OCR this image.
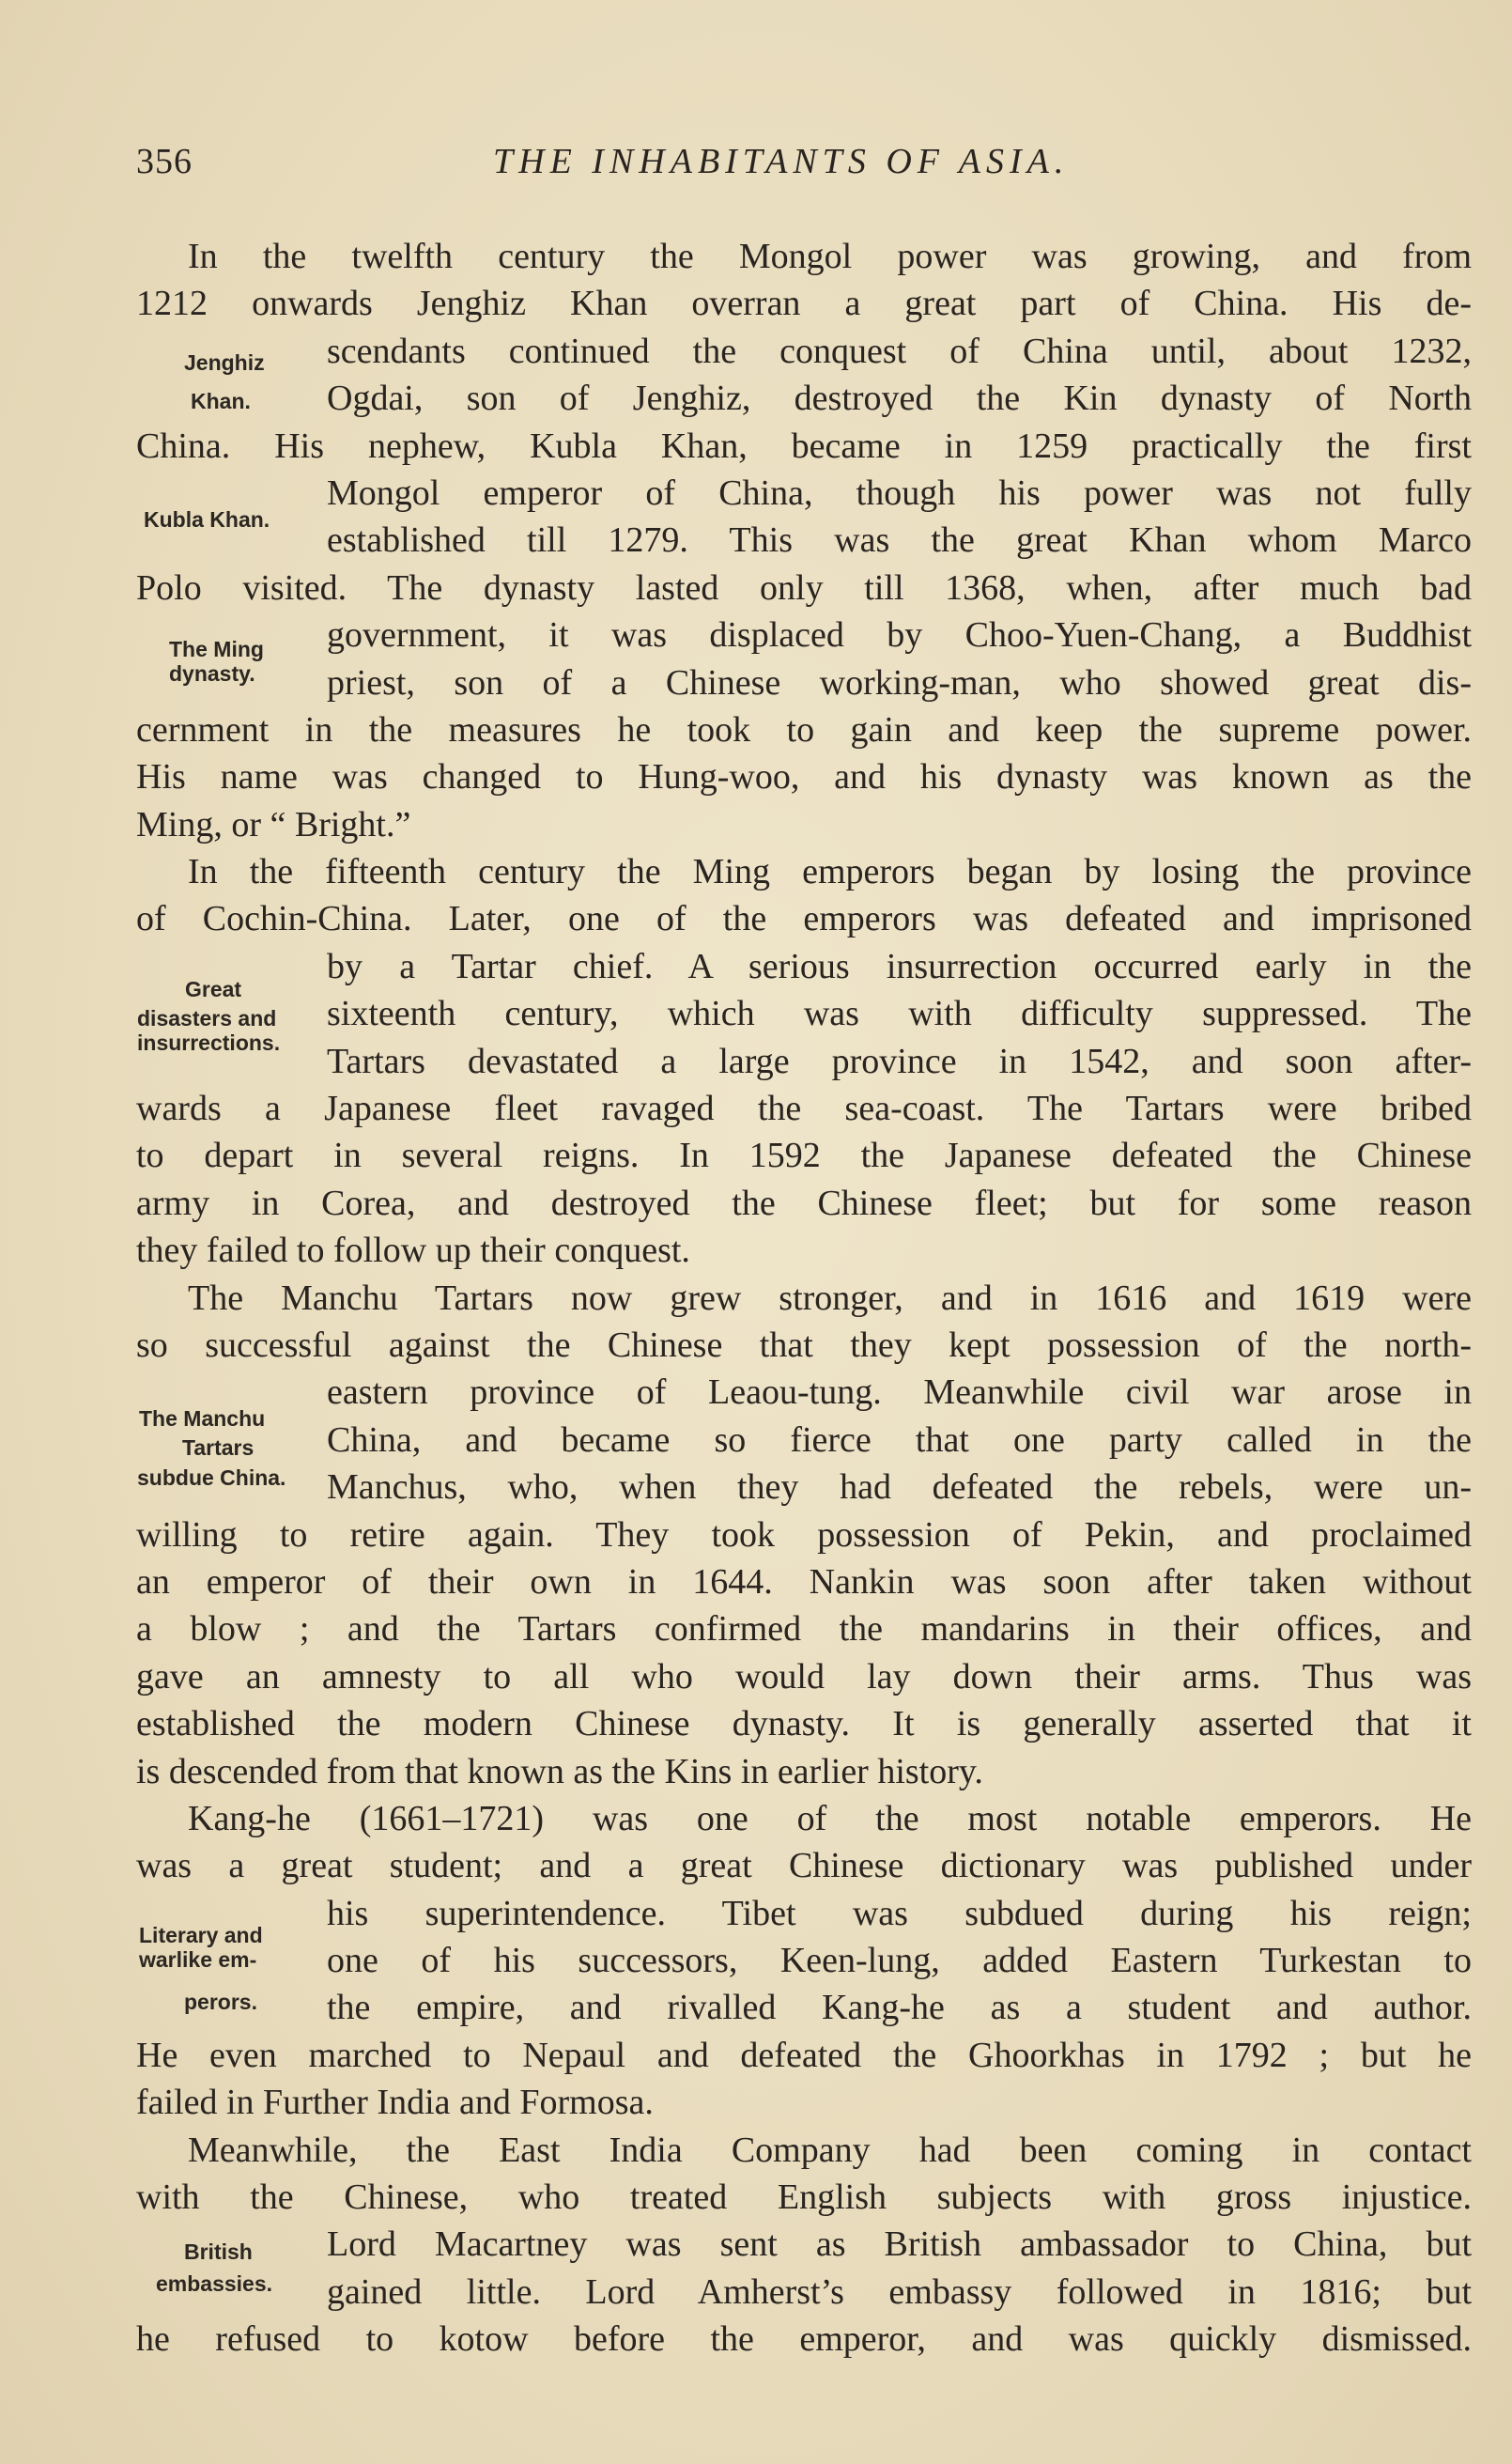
356	THE INHABITANTS OF ASIA.
In the twelfth century the Mongol power was growing, and from
1212 onwards Jenghiz Khan overran a great part of China. His de-
scendants continued the conquest of China until, about 1232,
Ogdai, son of Jenghiz, destroyed the Kin dynasty of North
China. His nephew, Kubla Khan, became in 1259 practically the first
Mongol emperor of China, though his power was not fully
established till 1279. This was the great Khan whom Marco
Polo visited. The dynasty lasted only till 1368, when, after much bad
government, it was displaced by Choo-Yuen-Chang, a Buddhist
priest, son of a Chinese working-man, who showed great dis-
cernment in the measures he took to gain and keep the supreme power.
His name was changed to Hung-woo, and his dynasty was known as the
Ming, or “ Bright.”
In the fifteenth century the Ming emperors began by losing the province
of Cochin-China. Later, one of the emperors was defeated and imprisoned
by a Tartar chief. A serious insurrection occurred early in the
sixteenth century, which was with difficulty suppressed. The
Tartars devastated a large province in 1542, and soon after-
wards a Japanese fleet ravaged the sea-coast. The Tartars were bribed
to depart in several reigns. In 1592 the Japanese defeated the Chinese
army in Corea, and destroyed the Chinese fleet; but for some reason
they failed to follow up their conquest.
The Manchu Tartars now grew stronger, and in 1616 and 1619 were
so successful against the Chinese that they kept possession of the north-
eastern province of Leaou-tung. Meanwhile civil war arose in
China, and became so fierce that one party called in the
Manchus, who, when they had defeated the rebels, were un-
willing to retire again. They took possession of Pekin, and proclaimed
an emperor of their own in 1644. Nankin was soon after taken without
a blow ; and the Tartars confirmed the mandarins in their offices, and
gave an amnesty to all who would lay down their arms. Thus was
established the modern Chinese dynasty. It is generally asserted that it
is descended from that known as the Kins in earlier history.
Kang-he (1661–1721) was one of the most notable emperors. He
was a great student; and a great Chinese dictionary was published under
his superintendence. Tibet was subdued during his reign;
one of his successors, Keen-lung, added Eastern Turkestan to
the empire, and rivalled Kang-he as a student and author.
He even marched to Nepaul and defeated the Ghoorkhas in 1792 ; but he
failed in Further India and Formosa.
Meanwhile, the East India Company had been coming in contact
with the Chinese, who treated English subjects with gross injustice.
Lord Macartney was sent as British ambassador to China, but
gained little. Lord Amherst’s embassy followed in 1816; but
he refused to kotow before the emperor, and was quickly dismissed.
Jenghiz
Khan.
Kubla Khan.
The Ming
dynasty.
Great
disasters and
insurrections.
The Manchu
Tartars
subdue China.
Literary and
warlike em-
perors.
British
embassies.
